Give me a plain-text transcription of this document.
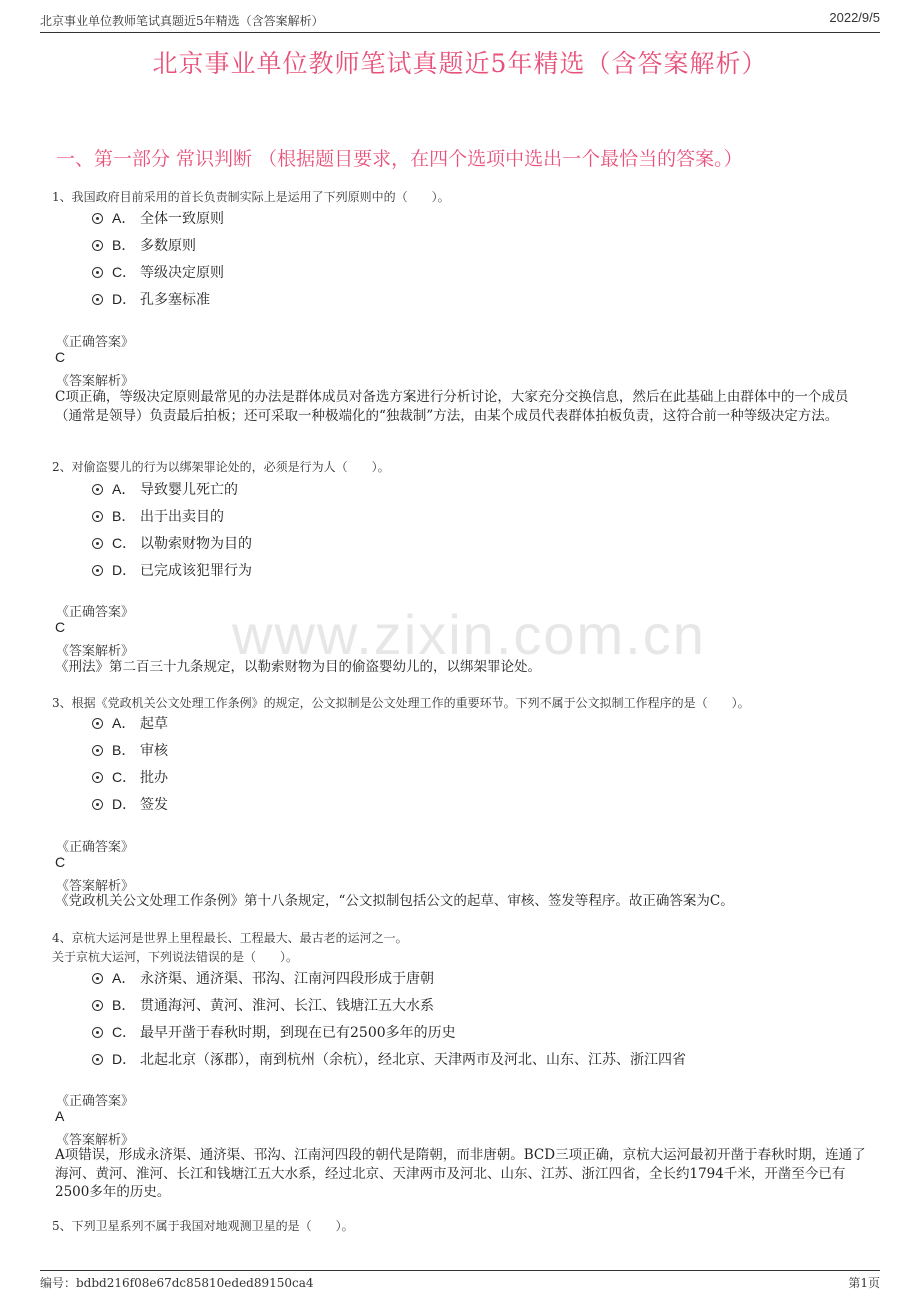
北京事业单位教师笔试真题近5年精选（含答案解析）	2022/9/5
北京事业单位教师笔试真题近5年精选（含答案解析）
一、第一部分 常识判断 （根据题目要求，在四个选项中选出一个最恰当的答案。）
www.zixin.com.cn
1、我国政府目前采用的首长负责制实际上是运用了下列原则中的（　　）。
A． 全体一致原则
B． 多数原则
C． 等级决定原则
D． 孔多塞标准
《正确答案》
C
《答案解析》
C项正确，等级决定原则最常见的办法是群体成员对备选方案进行分析讨论，大家充分交换信息，然后在此基础上由群体中的一个成员（通常是领导）负责最后拍板；还可采取一种极端化的“独裁制”方法，由某个成员代表群体拍板负责，这符合前一种等级决定方法。
2、对偷盗婴儿的行为以绑架罪论处的，必须是行为人（　　）。
A． 导致婴儿死亡的
B． 出于出卖目的
C． 以勒索财物为目的
D． 已完成该犯罪行为
《正确答案》
C
《答案解析》
《刑法》第二百三十九条规定，以勒索财物为目的偷盗婴幼儿的，以绑架罪论处。
3、根据《党政机关公文处理工作条例》的规定，公文拟制是公文处理工作的重要环节。下列不属于公文拟制工作程序的是（　　）。
A． 起草
B． 审核
C． 批办
D． 签发
《正确答案》
C
《答案解析》
《党政机关公文处理工作条例》第十八条规定，“公文拟制包括公文的起草、审核、签发等程序。故正确答案为C。
4、京杭大运河是世界上里程最长、工程最大、最古老的运河之一。
关于京杭大运河，下列说法错误的是（　　）。
A． 永济渠、通济渠、邗沟、江南河四段形成于唐朝
B． 贯通海河、黄河、淮河、长江、钱塘江五大水系
C． 最早开凿于春秋时期，到现在已有2500多年的历史
D． 北起北京（涿郡），南到杭州（余杭），经北京、天津两市及河北、山东、江苏、浙江四省
《正确答案》
A
《答案解析》
A项错误，形成永济渠、通济渠、邗沟、江南河四段的朝代是隋朝，而非唐朝。BCD三项正确，京杭大运河最初开凿于春秋时期，连通了海河、黄河、淮河、长江和钱塘江五大水系，经过北京、天津两市及河北、山东、江苏、浙江四省，全长约1794千米，开凿至今已有2500多年的历史。
5、下列卫星系列不属于我国对地观测卫星的是（　　）。
编号：bdbd216f08e67dc85810eded89150ca4	第1页
